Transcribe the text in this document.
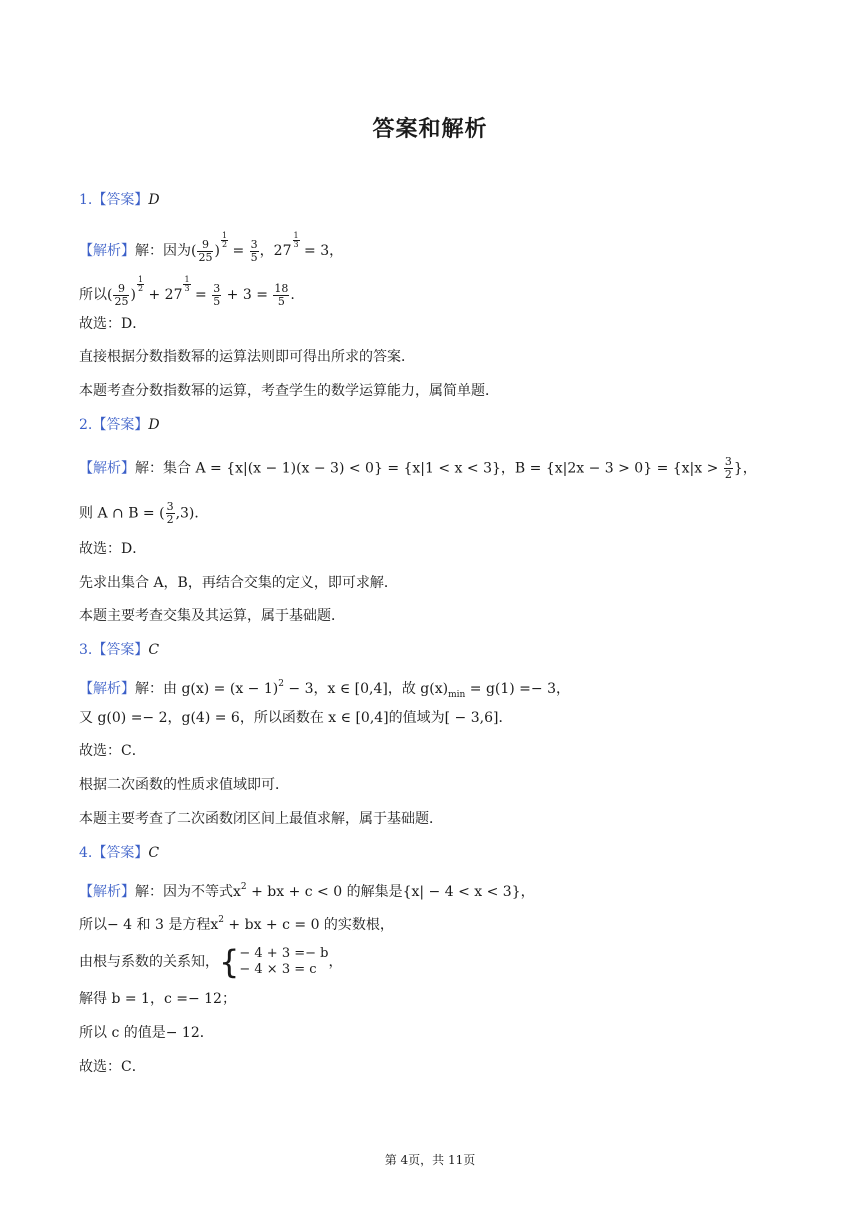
答案和解析
1.【答案】D
【解析】解：因为( $\frac{9}{25}$ )
$\frac{1}{2}$
= $\frac{3}{5}$ ，27
$\frac{1}{3}$
= 3，
所以( $\frac{9}{25}$ )
$\frac{1}{2}$
+ 27
$\frac{1}{3}$
= $\frac{3}{5} + 3 = \frac{18}{5}$ .
故选：D．
直接根据分数指数幂的运算法则即可得出所求的答案．
本题考查分数指数幂的运算，考查学生的数学运算能力，属简单题．
2.【答案】D
【解析】解：集合 A = {x|(x − 1)(x − 3) < 0} = {x|1 < x < 3}，$B = \{x|2x - 3 > 0\} = \{x|x > \frac{3}{2}$ }，
则 A ∩ B = ( $\frac{3}{2} ,3$)．
故选：D．
先求出集合 A，B，再结合交集的定义，即可求解．
本题主要考查交集及其运算，属于基础题．
3.【答案】C
【解析】解：由 $g(x) = (x - 1)^2 - 3$，x ∈ [0,4]，故 $g(x)_{min} = g(1) =- 3$，
又 g(0) =− 2，g(4) = 6，所以函数在 x ∈ [0,4]的值域为[ − 3,6]．
故选：C．
根据二次函数的性质求值域即可．
本题主要考查了二次函数闭区间上最值求解，属于基础题．
4.【答案】C
【解析】解：因为不等式$x^2$ + bx + c < 0 的解集是{x| − 4 < x < 3}，
所以− 4 和 3 是方程$x^2$ + bx + c = 0 的实数根，
由根与系数的关系知，{ − 4 + 3 =− b
− 4 × 3 = c ，
解得 b = 1，c =− 12；
所以 c 的值是− 12．
故选：C．
第 4页，共 11页
